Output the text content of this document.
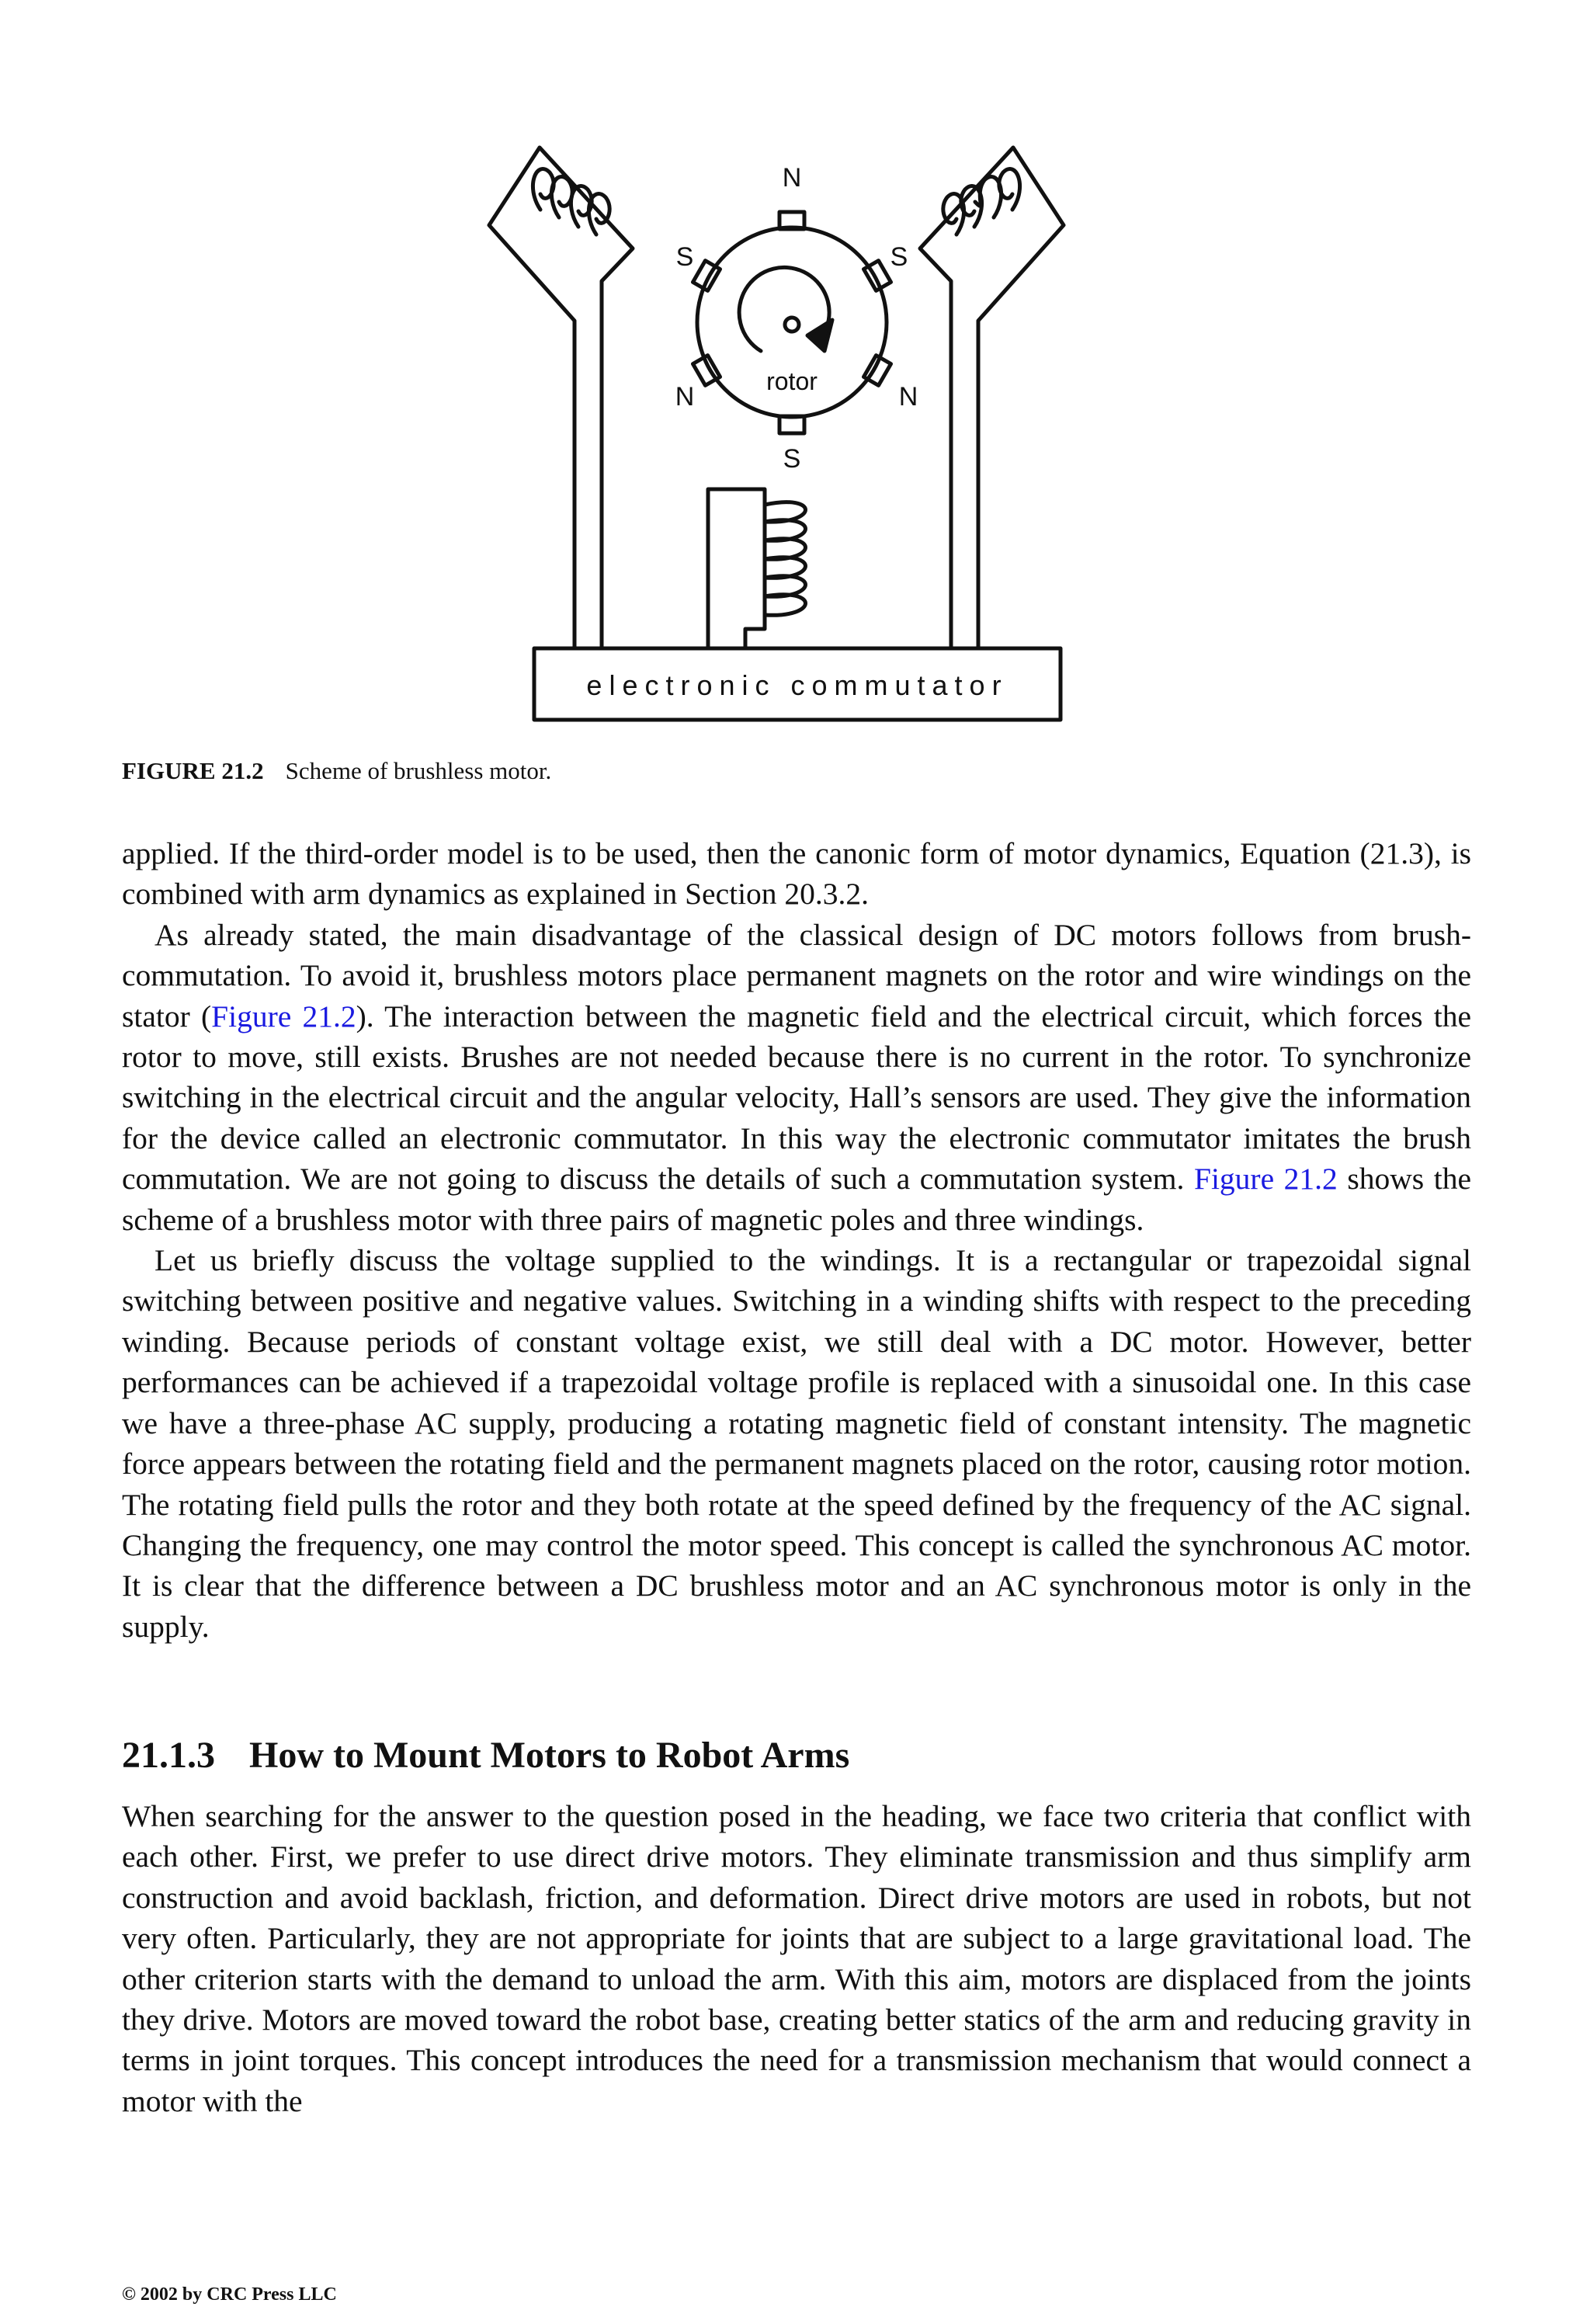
N
S	S
N	N
S
rotor
electronic commutator
FIGURE 21.2 Scheme of brushless motor.

applied. If the third-order model is to be used, then the canonic form of motor dynamics, Equation (21.3), is combined with arm dynamics as explained in Section 20.3.2.

As already stated, the main disadvantage of the classical design of DC motors follows from brush-commutation. To avoid it, brushless motors place permanent magnets on the rotor and wire windings on the stator (Figure 21.2). The interaction between the magnetic field and the electrical circuit, which forces the rotor to move, still exists. Brushes are not needed because there is no current in the rotor. To synchronize switching in the electrical circuit and the angular velocity, Hall’s sensors are used. They give the information for the device called an electronic commutator. In this way the electronic commutator imitates the brush commutation. We are not going to discuss the details of such a commutation system. Figure 21.2 shows the scheme of a brushless motor with three pairs of magnetic poles and three windings.

Let us briefly discuss the voltage supplied to the windings. It is a rectangular or trapezoidal signal switching between positive and negative values. Switching in a winding shifts with respect to the preceding winding. Because periods of constant voltage exist, we still deal with a DC motor. However, better performances can be achieved if a trapezoidal voltage profile is replaced with a sinusoidal one. In this case we have a three-phase AC supply, producing a rotating magnetic field of constant intensity. The magnetic force appears between the rotating field and the permanent magnets placed on the rotor, causing rotor motion. The rotating field pulls the rotor and they both rotate at the speed defined by the frequency of the AC signal. Changing the frequency, one may control the motor speed. This concept is called the synchronous AC motor. It is clear that the difference between a DC brushless motor and an AC synchronous motor is only in the supply.

21.1.3 How to Mount Motors to Robot Arms

When searching for the answer to the question posed in the heading, we face two criteria that conflict with each other. First, we prefer to use direct drive motors. They eliminate transmission and thus simplify arm construction and avoid backlash, friction, and deformation. Direct drive motors are used in robots, but not very often. Particularly, they are not appropriate for joints that are subject to a large gravitational load. The other criterion starts with the demand to unload the arm. With this aim, motors are displaced from the joints they drive. Motors are moved toward the robot base, creating better statics of the arm and reducing gravity in terms in joint torques. This concept introduces the need for a transmission mechanism that would connect a motor with the

© 2002 by CRC Press LLC
